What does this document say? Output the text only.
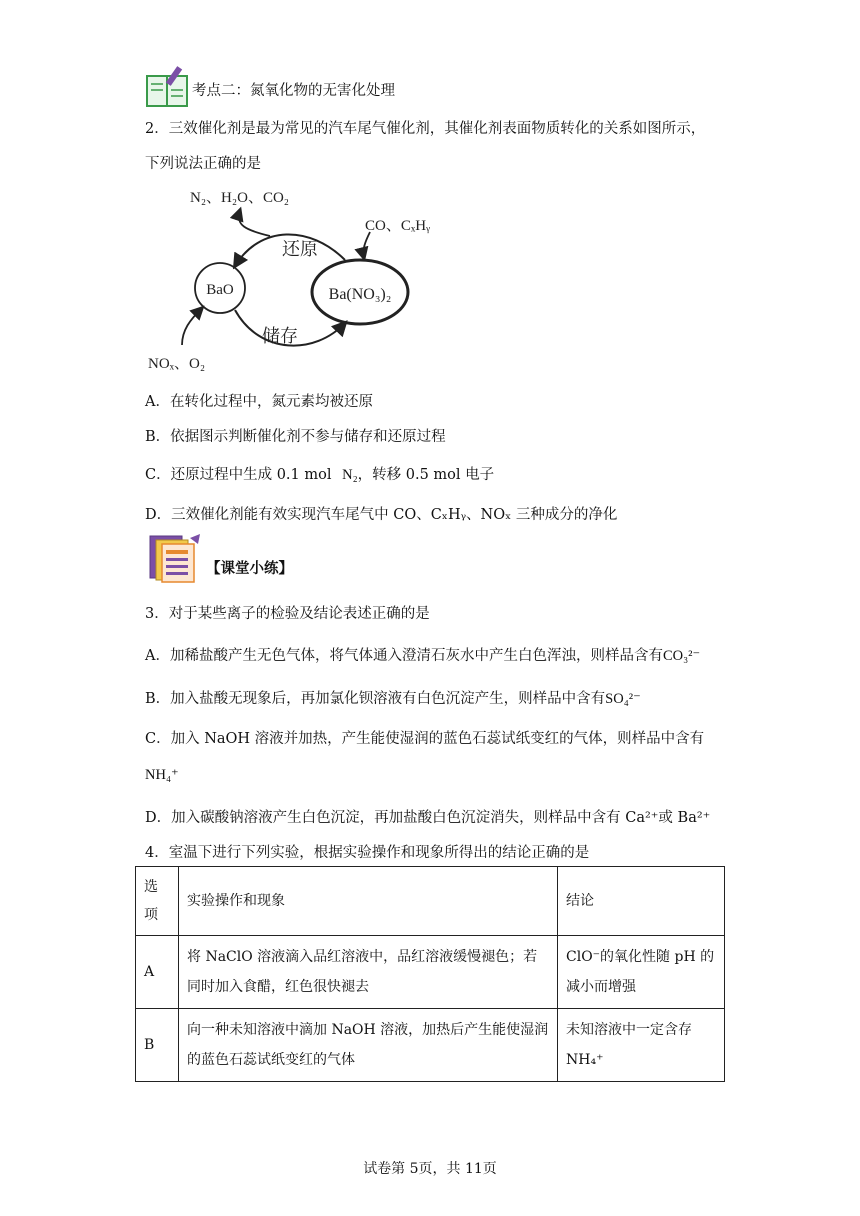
考点二：氮氧化物的无害化处理
2．三效催化剂是最为常见的汽车尾气催化剂，其催化剂表面物质转化的关系如图所示，
下列说法正确的是
BaO	Ba(NO₃)₂
还原
储存
N₂、H₂O、CO₂
CO、CₓHᵧ
NOₓ、O₂
A．在转化过程中，氮元素均被还原
B．依据图示判断催化剂不参与储存和还原过程
C．还原过程中生成 0.1 mol N₂，转移 0.5 mol 电子
D．三效催化剂能有效实现汽车尾气中 CO、CₓHᵧ、NOₓ 三种成分的净化
【课堂小练】
3．对于某些离子的检验及结论表述正确的是
A．加稀盐酸产生无色气体，将气体通入澄清石灰水中产生白色浑浊，则样品含有CO₃²⁻
B．加入盐酸无现象后，再加氯化钡溶液有白色沉淀产生，则样品中含有SO₄²⁻
C．加入 NaOH 溶液并加热，产生能使湿润的蓝色石蕊试纸变红的气体，则样品中含有
NH₄⁺
D．加入碳酸钠溶液产生白色沉淀，再加盐酸白色沉淀消失，则样品中含有 Ca²⁺或 Ba²⁺
4．室温下进行下列实验，根据实验操作和现象所得出的结论正确的是
选项	实验操作和现象	结论
A	将 NaClO 溶液滴入品红溶液中，品红溶液缓慢褪色；若同时加入食醋，红色很快褪去	ClO⁻的氧化性随 pH 的减小而增强
B	向一种未知溶液中滴加 NaOH 溶液，加热后产生能使湿润的蓝色石蕊试纸变红的气体	未知溶液中一定含存 NH₄⁺
试卷第 5页，共 11页
